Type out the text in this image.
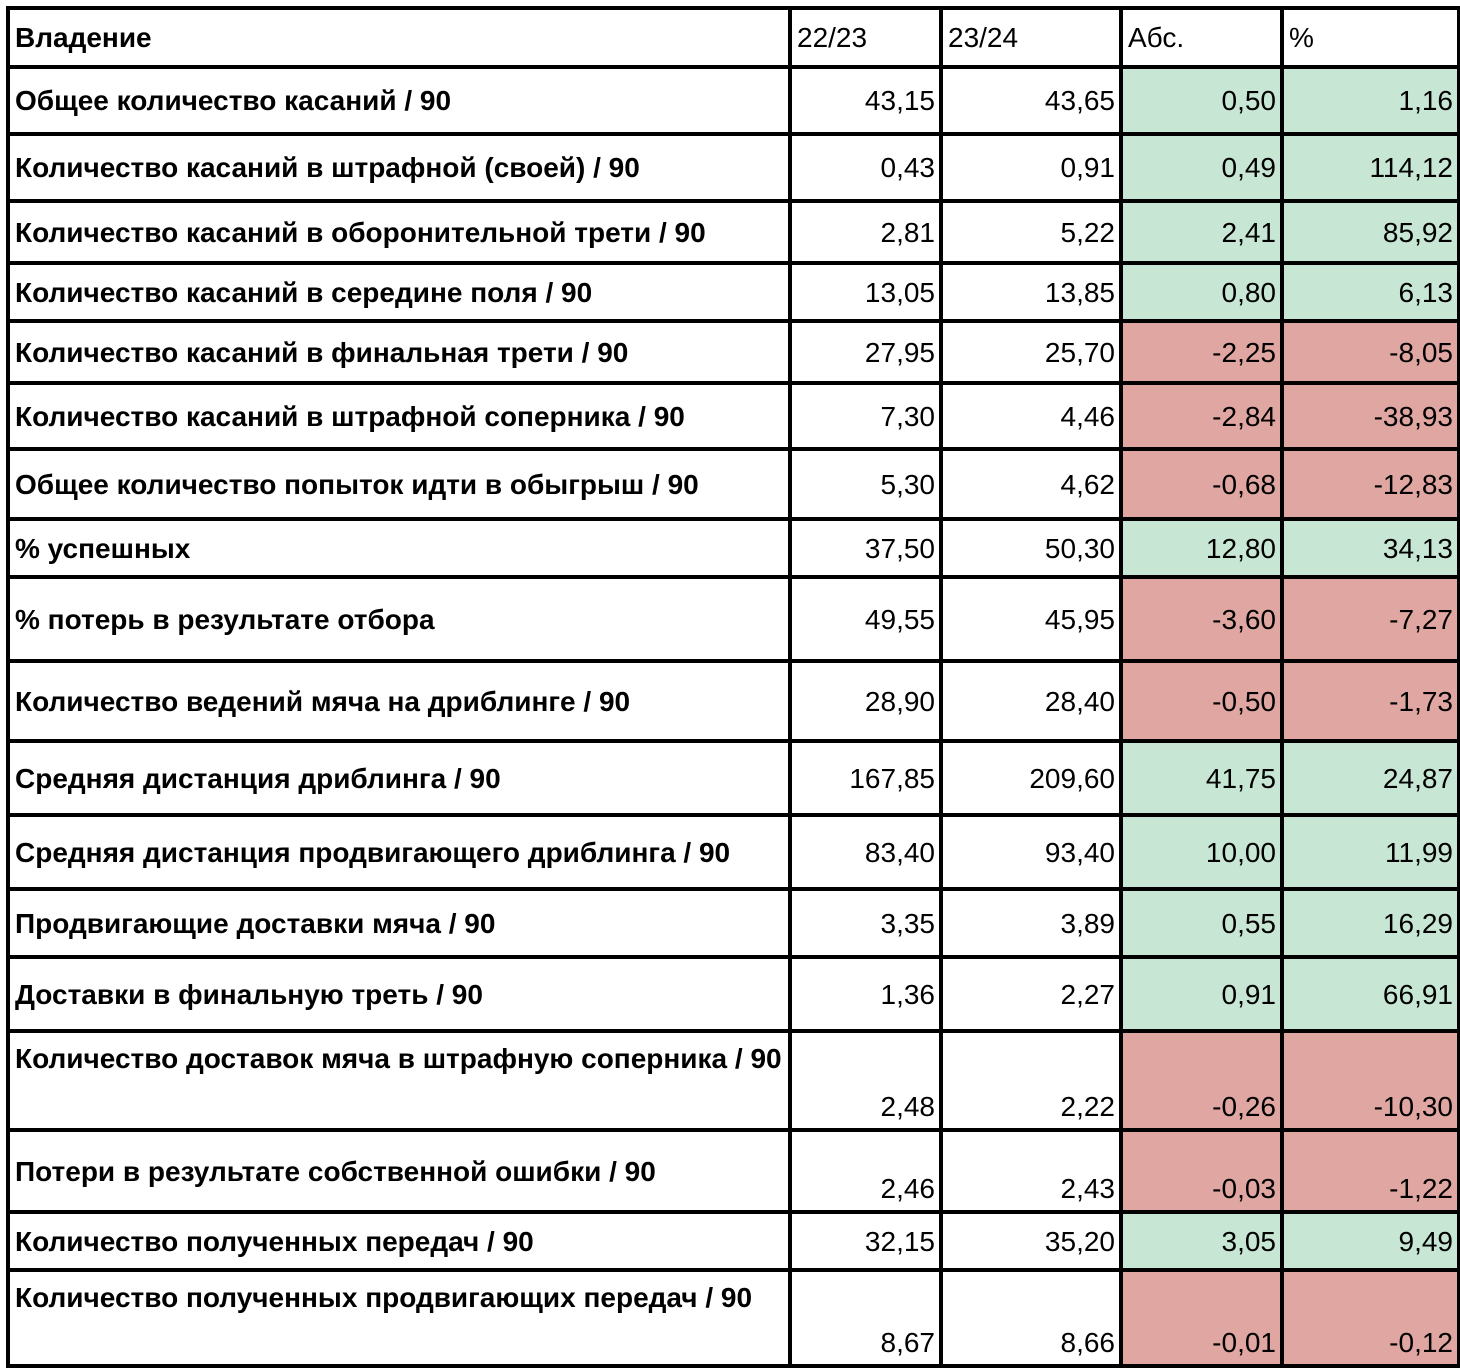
Владение	22/23	23/24	Абс.	%
Общее количество касаний / 90	43,15	43,65	0,50	1,16
Количество касаний в штрафной (своей) / 90	0,43	0,91	0,49	114,12
Количество касаний в оборонительной трети / 90	2,81	5,22	2,41	85,92
Количество касаний в середине поля / 90	13,05	13,85	0,80	6,13
Количество касаний в финальная трети / 90	27,95	25,70	-2,25	-8,05
Количество касаний в штрафной соперника / 90	7,30	4,46	-2,84	-38,93
Общее количество попыток идти в обыгрыш / 90	5,30	4,62	-0,68	-12,83
% успешных	37,50	50,30	12,80	34,13
% потерь в результате отбора	49,55	45,95	-3,60	-7,27
Количество ведений мяча на дриблинге / 90	28,90	28,40	-0,50	-1,73
Средняя дистанция дриблинга / 90	167,85	209,60	41,75	24,87
Средняя дистанция продвигающего дриблинга / 90	83,40	93,40	10,00	11,99
Продвигающие доставки мяча / 90	3,35	3,89	0,55	16,29
Доставки в финальную треть / 90	1,36	2,27	0,91	66,91
Количество доставок мяча в штрафную соперника / 90	2,48	2,22	-0,26	-10,30
Потери в результате собственной ошибки / 90	2,46	2,43	-0,03	-1,22
Количество полученных передач / 90	32,15	35,20	3,05	9,49
Количество полученных продвигающих передач / 90	8,67	8,66	-0,01	-0,12
